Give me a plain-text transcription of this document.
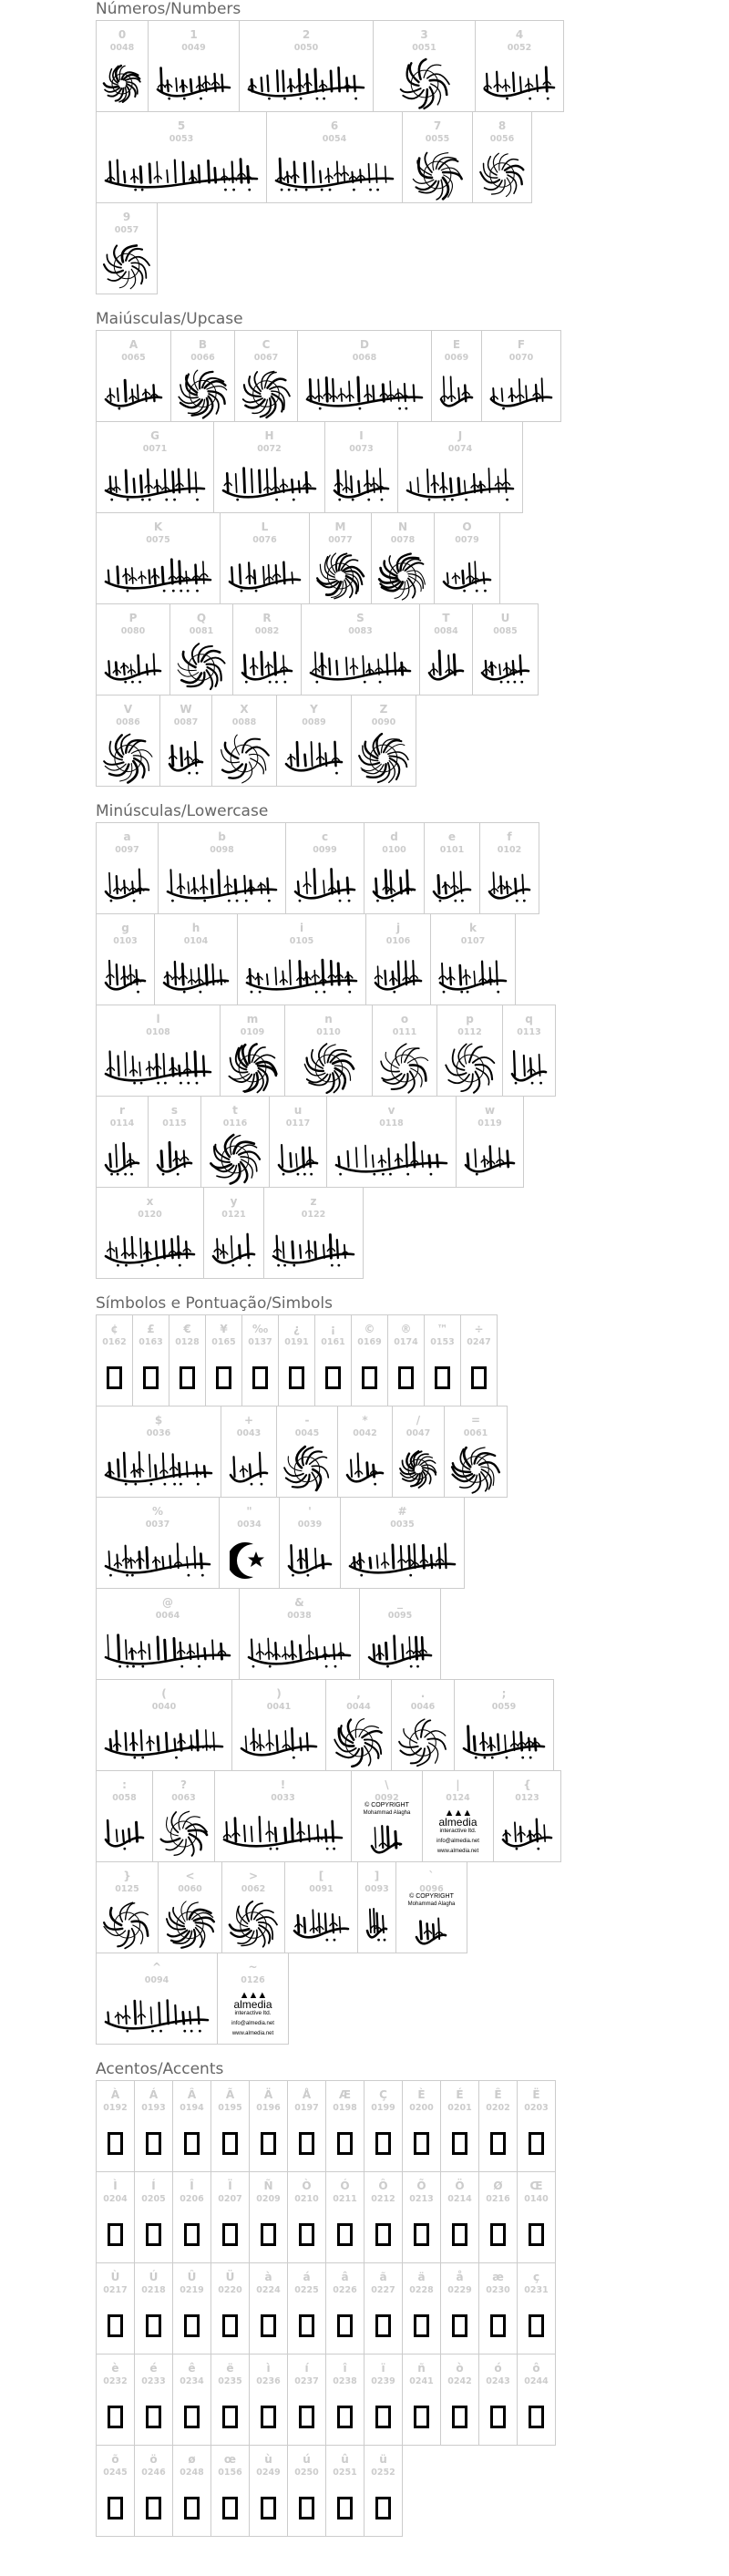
Números/Numbers
0
0048
1
0049
2
0050
3
0051
4
0052
5
0053
6
0054
7
0055
8
0056
9
0057
Maiúsculas/Upcase
A
0065
B
0066
C
0067
D
0068
E
0069
F
0070
G
0071
H
0072
I
0073
J
0074
K
0075
L
0076
M
0077
N
0078
O
0079
P
0080
Q
0081
R
0082
S
0083
T
0084
U
0085
V
0086
W
0087
X
0088
Y
0089
Z
0090
Minúsculas/Lowercase
a
0097
b
0098
c
0099
d
0100
e
0101
f
0102
g
0103
h
0104
i
0105
j
0106
k
0107
l
0108
m
0109
n
0110
o
0111
p
0112
q
0113
r
0114
s
0115
t
0116
u
0117
v
0118
w
0119
x
0120
y
0121
z
0122
Símbolos e Pontuação/Simbols
¢
0162
£
0163
€
0128
¥
0165
‰
0137
¿
0191
¡
0161
©
0169
®
0174
™
0153
÷
0247
$
0036
+
0043
-
0045
*
0042
/
0047
=
0061
%
0037
"
0034
'
0039
#
0035
@
0064
&
0038
_
0095
(
0040
)
0041
,
0044
.
0046
;
0059
:
0058
?
0063
!
0033
\
0092
© COPYRIGHT
Mohammad Alagha
|
0124
▲▲▲
almedia
interactive ltd.
info@almedia.net
www.almedia.net
{
0123
}
0125
<
0060
>
0062
[
0091
]
0093
`
0096
© COPYRIGHT
Mohammad Alagha
^
0094
~
0126
▲▲▲
almedia
interactive ltd.
info@almedia.net
www.almedia.net
Acentos/Accents
À
0192
Á
0193
Â
0194
Ã
0195
Ä
0196
Å
0197
Æ
0198
Ç
0199
È
0200
É
0201
Ê
0202
Ë
0203
Ì
0204
Í
0205
Î
0206
Ï
0207
Ñ
0209
Ò
0210
Ó
0211
Ô
0212
Õ
0213
Ö
0214
Ø
0216
Œ
0140
Ù
0217
Ú
0218
Û
0219
Ü
0220
à
0224
á
0225
â
0226
ã
0227
ä
0228
å
0229
æ
0230
ç
0231
è
0232
é
0233
ê
0234
ë
0235
ì
0236
í
0237
î
0238
ï
0239
ñ
0241
ò
0242
ó
0243
ô
0244
õ
0245
ö
0246
ø
0248
œ
0156
ù
0249
ú
0250
û
0251
ü
0252
